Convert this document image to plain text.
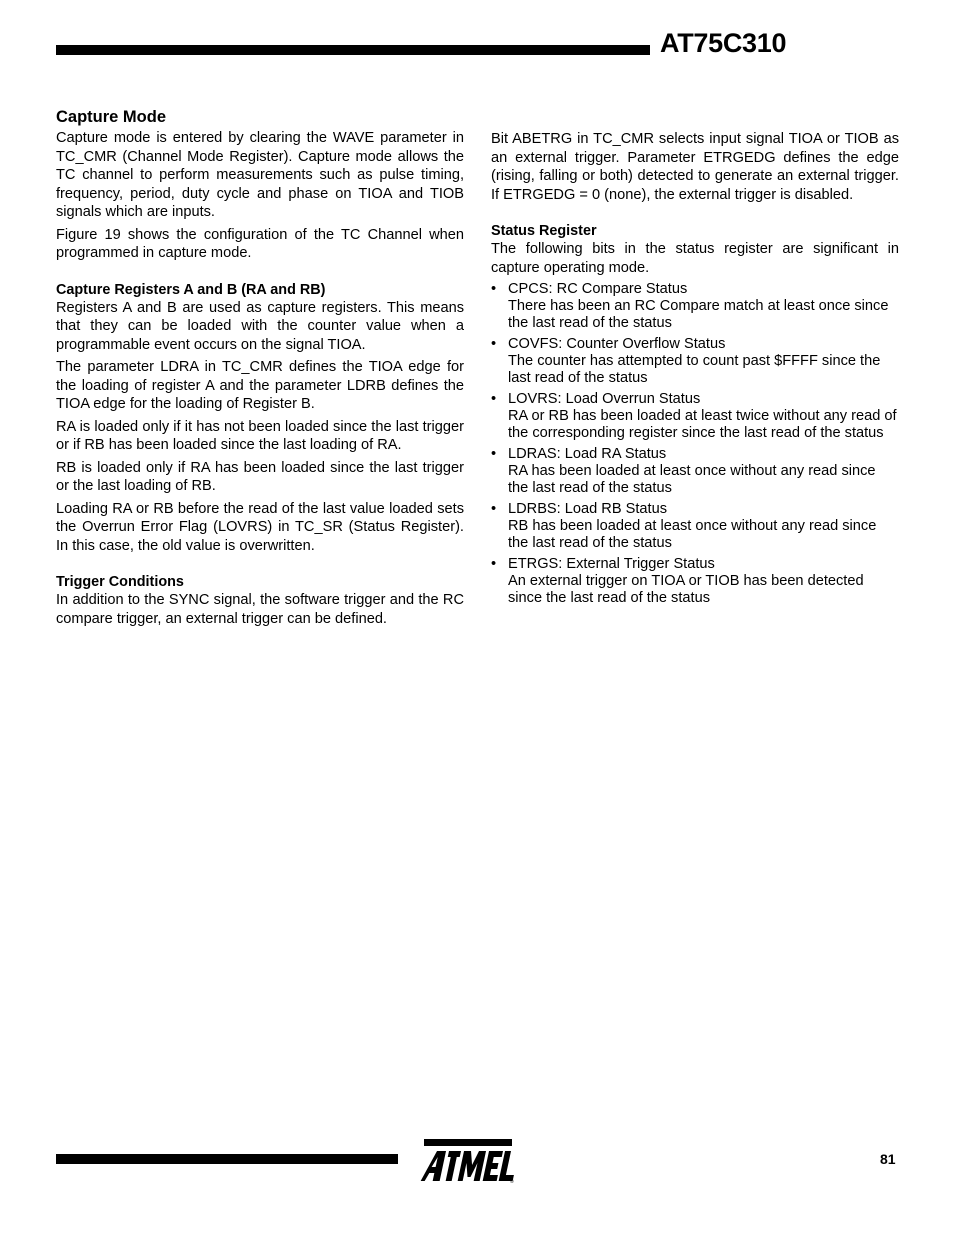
AT75C310
Capture Mode

Capture mode is entered by clearing the WAVE parameter in TC_CMR (Channel Mode Register). Capture mode allows the TC channel to perform measurements such as pulse timing, frequency, period, duty cycle and phase on TIOA and TIOB signals which are inputs.

Figure 19 shows the configuration of the TC Channel when programmed in capture mode.

Capture Registers A and B (RA and RB)

Registers A and B are used as capture registers. This means that they can be loaded with the counter value when a programmable event occurs on the signal TIOA.

The parameter LDRA in TC_CMR defines the TIOA edge for the loading of register A and the parameter LDRB defines the TIOA edge for the loading of Register B.

RA is loaded only if it has not been loaded since the last trigger or if RB has been loaded since the last loading of RA.

RB is loaded only if RA has been loaded since the last trigger or the last loading of RB.

Loading RA or RB before the read of the last value loaded sets the Overrun Error Flag (LOVRS) in TC_SR (Status Register). In this case, the old value is overwritten.

Trigger Conditions

In addition to the SYNC signal, the software trigger and the RC compare trigger, an external trigger can be defined.

Bit ABETRG in TC_CMR selects input signal TIOA or TIOB as an external trigger. Parameter ETRGEDG defines the edge (rising, falling or both) detected to generate an external trigger. If ETRGEDG = 0 (none), the external trigger is disabled.

Status Register

The following bits in the status register are significant in capture operating mode.

• CPCS: RC Compare Status
There has been an RC Compare match at least once since the last read of the status
• COVFS: Counter Overflow Status
The counter has attempted to count past $FFFF since the last read of the status
• LOVRS: Load Overrun Status
RA or RB has been loaded at least twice without any read of the corresponding register since the last read of the status
• LDRAS: Load RA Status
RA has been loaded at least once without any read since the last read of the status
• LDRBS: Load RB Status
RB has been loaded at least once without any read since the last read of the status
• ETRGS: External Trigger Status
An external trigger on TIOA or TIOB has been detected since the last read of the status
®
81
